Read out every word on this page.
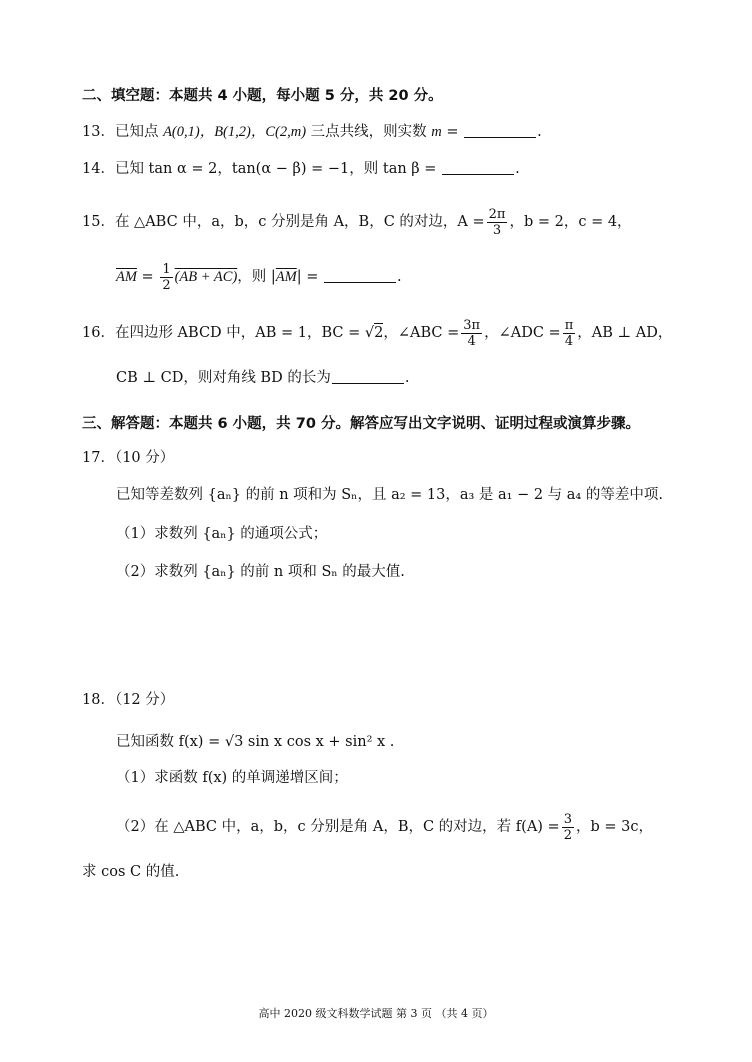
二、填空题：本题共 4 小题，每小题 5 分，共 20 分。
13．已知点 A(0,1)，B(1,2)，C(2,m) 三点共线，则实数 m =	.
14．已知 tan α = 2，tan(α − β) = −1，则 tan β =	.
15．在 △ABC 中，a，b，c 分别是角 A，B，C 的对边，$A = \frac{2\pi}{3}$ ，b = 2，c = 4，
$\overline{AM} = \frac{1}{2} (AB + AC)$，则 $|\overline{AM}|$ =	.
16．在四边形 ABCD 中，AB = 1，BC = √2，∠ABC = $\frac{3\pi}{4}$ ，∠ADC = $\frac{\pi}{4}$ ，AB ⊥ AD，
CB ⊥ CD，则对角线 BD 的长为	.
三、解答题：本题共 6 小题，共 70 分。解答应写出文字说明、证明过程或演算步骤。
17．（10 分）
已知等差数列 {aₙ} 的前 n 项和为 Sₙ，且 a₂ = 13，a₃ 是 a₁ − 2 与 a₄ 的等差中项.
（1）求数列 {aₙ} 的通项公式；
（2）求数列 {aₙ} 的前 n 项和 Sₙ 的最大值.
18．（12 分）
已知函数 f(x) = √3 sin x cos x + sin² x .
（1）求函数 f(x) 的单调递增区间；
（2）在 △ABC 中，a，b，c 分别是角 A，B，C 的对边，若 $f(A) = \frac{3}{2}$ ，b = 3c，
求 cos C 的值.
高中 2020 级文科数学试题 第 3 页 （共 4 页）
